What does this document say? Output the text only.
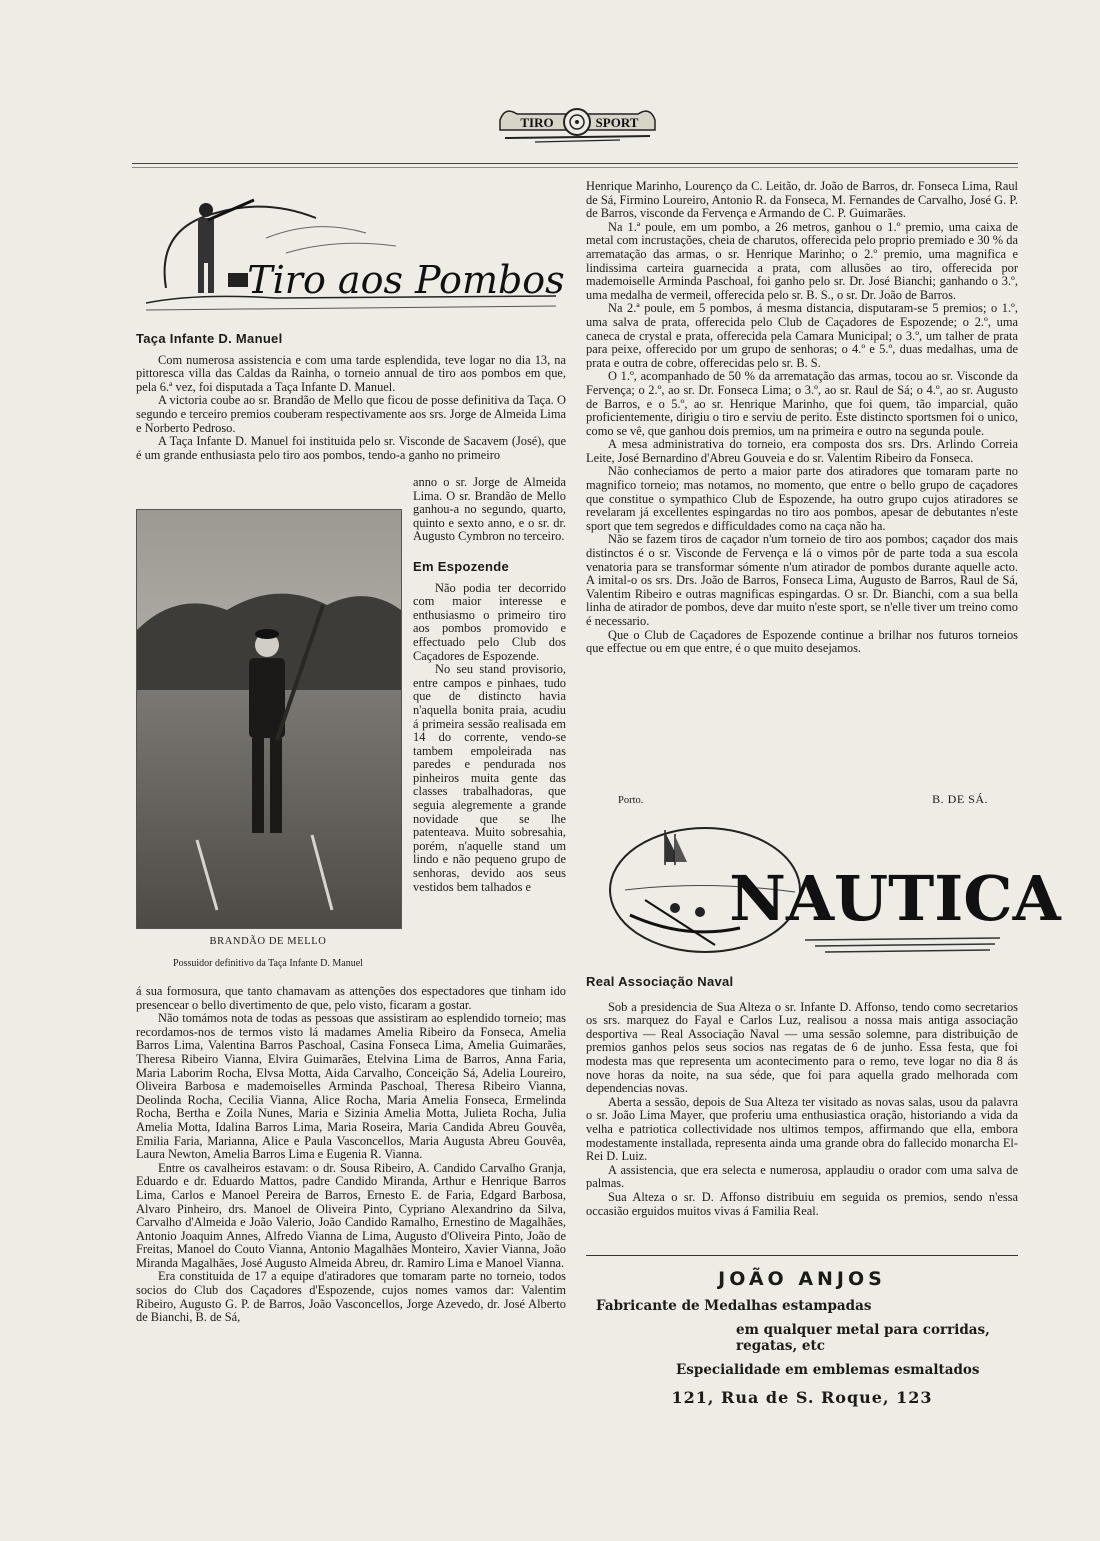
TIRO	SPORT
Tiro aos Pombos
Taça Infante D. Manuel

Com numerosa assistencia e com uma tarde esplendida, teve logar no dia 13, na pittoresca villa das Caldas da Rainha, o torneio annual de tiro aos pombos em que, pela 6.ª vez, foi disputada a Taça Infante D. Manuel.

A victoria coube ao sr. Brandão de Mello que ficou de posse definitiva da Taça. O segundo e terceiro premios couberam respectivamente aos srs. Jorge de Almeida Lima e Norberto Pedroso.

A Taça Infante D. Manuel foi instituida pelo sr. Visconde de Sacavem (José), que é um grande enthusiasta pelo tiro aos pombos, tendo-a ganho no primeiro

BRANDÃO DE MELLO
Possuidor definitivo da Taça Infante D. Manuel

anno o sr. Jorge de Almeida Lima. O sr. Brandão de Mello ganhou-a no segundo, quarto, quinto e sexto anno, e o sr. dr. Augusto Cymbron no terceiro.

Em Espozende

Não podia ter decorrido com maior interesse e enthusiasmo o primeiro tiro aos pombos promovido e effectuado pelo Club dos Caçadores de Espozende.

No seu stand provisorio, entre campos e pinhaes, tudo que de distincto havia n'aquella bonita praia, acudiu á primeira sessão realisada em 14 do corrente, vendo-se tambem empoleirada nas paredes e pendurada nos pinheiros muita gente das classes trabalhadoras, que seguia alegremente a grande novidade que se lhe patenteava. Muito sobresahia, porém, n'aquelle stand um lindo e não pequeno grupo de senhoras, devido aos seus vestidos bem talhados e

á sua formosura, que tanto chamavam as attenções dos espectadores que tinham ido presencear o bello divertimento de que, pelo visto, ficaram a gostar.

Não tomámos nota de todas as pessoas que assistiram ao esplendido torneio; mas recordamos-nos de termos visto lá madames Amelia Ribeiro da Fonseca, Amelia Barros Lima, Valentina Barros Paschoal, Casina Fonseca Lima, Amelia Guimarães, Theresa Ribeiro Vianna, Elvira Guimarães, Etelvina Lima de Barros, Anna Faria, Maria Laborim Rocha, Elvsa Motta, Aida Carvalho, Conceição Sá, Adelia Loureiro, Oliveira Barbosa e mademoiselles Arminda Paschoal, Theresa Ribeiro Vianna, Deolinda Rocha, Cecilia Vianna, Alice Rocha, Maria Amelia Fonseca, Ermelinda Rocha, Bertha e Zoila Nunes, Maria e Sizinia Amelia Motta, Julieta Rocha, Julia Amelia Motta, Idalina Barros Lima, Maria Roseira, Maria Candida Abreu Gouvêa, Emilia Faria, Marianna, Alice e Paula Vasconcellos, Maria Augusta Abreu Gouvêa, Laura Newton, Amelia Barros Lima e Eugenia R. Vianna.

Entre os cavalheiros estavam: o dr. Sousa Ribeiro, A. Candido Carvalho Granja, Eduardo e dr. Eduardo Mattos, padre Candido Miranda, Arthur e Henrique Barros Lima, Carlos e Manoel Pereira de Barros, Ernesto E. de Faria, Edgard Barbosa, Alvaro Pinheiro, drs. Manoel de Oliveira Pinto, Cypriano Alexandrino da Silva, Carvalho d'Almeida e João Valerio, João Candido Ramalho, Ernestino de Magalhães, Antonio Joaquim Annes, Alfredo Vianna de Lima, Augusto d'Oliveira Pinto, João de Freitas, Manoel do Couto Vianna, Antonio Magalhães Monteiro, Xavier Vianna, João Miranda Magalhães, José Augusto Almeida Abreu, dr. Ramiro Lima e Manoel Vianna.

Era constituida de 17 a equipe d'atiradores que tomaram parte no torneio, todos socios do Club dos Caçadores d'Espozende, cujos nomes vamos dar: Valentim Ribeiro, Augusto G. P. de Barros, João Vasconcellos, Jorge Azevedo, dr. José Alberto de Bianchi, B. de Sá,

Henrique Marinho, Lourenço da C. Leitão, dr. João de Barros, dr. Fonseca Lima, Raul de Sá, Firmino Loureiro, Antonio R. da Fonseca, M. Fernandes de Carvalho, José G. P. de Barros, visconde da Fervença e Armando de C. P. Guimarães.

Na 1.ª poule, em um pombo, a 26 metros, ganhou o 1.º premio, uma caixa de metal com incrustações, cheia de charutos, offerecida pelo proprio premiado e 30 % da arrematação das armas, o sr. Henrique Marinho; o 2.º premio, uma magnifica e lindissima carteira guarnecida a prata, com allusões ao tiro, offerecida por mademoiselle Arminda Paschoal, foi ganho pelo sr. Dr. José Bianchi; ganhando o 3.º, uma medalha de vermeil, offerecida pelo sr. B. S., o sr. Dr. João de Barros.

Na 2.ª poule, em 5 pombos, á mesma distancia, disputaram-se 5 premios; o 1.º, uma salva de prata, offerecida pelo Club de Caçadores de Espozende; o 2.º, uma caneca de crystal e prata, offerecida pela Camara Municipal; o 3.º, um talher de prata para peixe, offerecido por um grupo de senhoras; o 4.º e 5.º, duas medalhas, uma de prata e outra de cobre, offerecidas pelo sr. B. S.

O 1.º, acompanhado de 50 % da arrematação das armas, tocou ao sr. Visconde da Fervença; o 2.º, ao sr. Dr. Fonseca Lima; o 3.º, ao sr. Raul de Sá; o 4.º, ao sr. Augusto de Barros, e o 5.º, ao sr. Henrique Marinho, que foi quem, tão imparcial, quão proficientemente, dirigiu o tiro e serviu de perito. Este distincto sportsmen foi o unico, como se vê, que ganhou dois premios, um na primeira e outro na segunda poule.

A mesa administrativa do torneio, era composta dos srs. Drs. Arlindo Correia Leite, José Bernardino d'Abreu Gouveia e do sr. Valentim Ribeiro da Fonseca.

Não conheciamos de perto a maior parte dos atiradores que tomaram parte no magnifico torneio; mas notamos, no momento, que entre o bello grupo de caçadores que constitue o sympathico Club de Espozende, ha outro grupo cujos atiradores se revelaram já excellentes espingardas no tiro aos pombos, apesar de debutantes n'este sport que tem segredos e difficuldades como na caça não ha.

Não se fazem tiros de caçador n'um torneio de tiro aos pombos; caçador dos mais distinctos é o sr. Visconde de Fervença e lá o vimos pôr de parte toda a sua escola venatoria para se transformar sómente n'um atirador de pombos durante aquelle acto. A imital-o os srs. Drs. João de Barros, Fonseca Lima, Augusto de Barros, Raul de Sá, Valentim Ribeiro e outras magnificas espingardas. O sr. Dr. Bianchi, com a sua bella linha de atirador de pombos, deve dar muito n'este sport, se n'elle tiver um treino como é necessario.

Que o Club de Caçadores de Espozende continue a brilhar nos futuros torneios que effectue ou em que entre, é o que muito desejamos.

Porto.	B. DE SÁ.
NAUTICA
Real Associação Naval

Sob a presidencia de Sua Alteza o sr. Infante D. Affonso, tendo como secretarios os srs. marquez do Fayal e Carlos Luz, realisou a nossa mais antiga associação desportiva — Real Associação Naval — uma sessão solemne, para distribuição de premios ganhos pelos seus socios nas regatas de 6 de junho. Essa festa, que foi modesta mas que representa um acontecimento para o remo, teve logar no dia 8 ás nove horas da noite, na sua séde, que foi para aquella grado melhorada com dependencias novas.

Aberta a sessão, depois de Sua Alteza ter visitado as novas salas, usou da palavra o sr. João Lima Mayer, que proferiu uma enthusiastica oração, historiando a vida da velha e patriotica collectividade nos ultimos tempos, affirmando que ella, embora modestamente installada, representa ainda uma grande obra do fallecido monarcha El-Rei D. Luiz.

A assistencia, que era selecta e numerosa, applaudiu o orador com uma salva de palmas.

Sua Alteza o sr. D. Affonso distribuiu em seguida os premios, sendo n'essa occasião erguidos muitos vivas á Familia Real.

JOÃO ANJOS
Fabricante de Medalhas estampadas
em qualquer metal para corridas, regatas, etc
Especialidade em emblemas esmaltados
121, Rua de S. Roque, 123
